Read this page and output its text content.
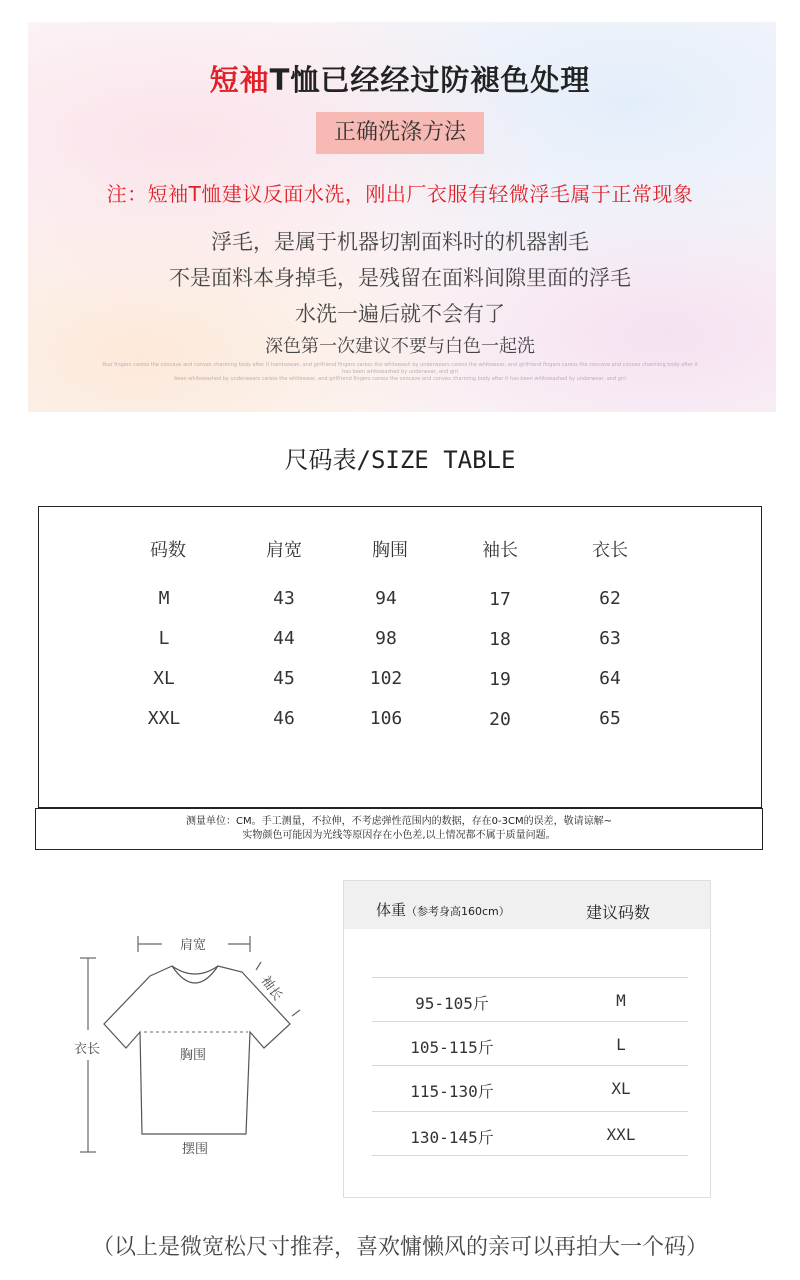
短袖T恤已经经过防褪色处理
正确洗涤方法
注：短袖T恤建议反面水洗，刚出厂衣服有轻微浮毛属于正常现象
浮毛，是属于机器切割面料时的机器割毛
不是面料本身掉毛，是残留在面料间隙里面的浮毛
水洗一遍后就不会有了
深色第一次建议不要与白色一起洗
Your fingers caress the concave and convex charming body after it handsewan, and girlfriend fingers caress the whitewash by underwears caress the whitewear, and girlfriend fingers caress the concave and convex charming body after it has been whitewashed by underwear, and girl
been whitewashed by underwears caress the whitewear, and girlfriend fingers caress the concave and convex charming body after it has been whitewashed by underwear, and girl
尺码表/SIZE TABLE
码数	肩宽	胸围	袖长	衣长
M	43	94	17	62
L	44	98	18	63
XL	45	102	19	64
XXL	46	106	20	65
测量单位：CM。手工测量，不拉伸，不考虑弹性范围内的数据，存在0-3CM的误差，敬请谅解~
实物颜色可能因为光线等原因存在小色差,以上情况都不属于质量问题。
肩宽
袖长
衣长	胸围
摆围
体重（参考身高160cm）	建议码数
95-105斤	M
105-115斤	L
115-130斤	XL
130-145斤	XXL
（以上是微宽松尺寸推荐，喜欢慵懒风的亲可以再拍大一个码）
